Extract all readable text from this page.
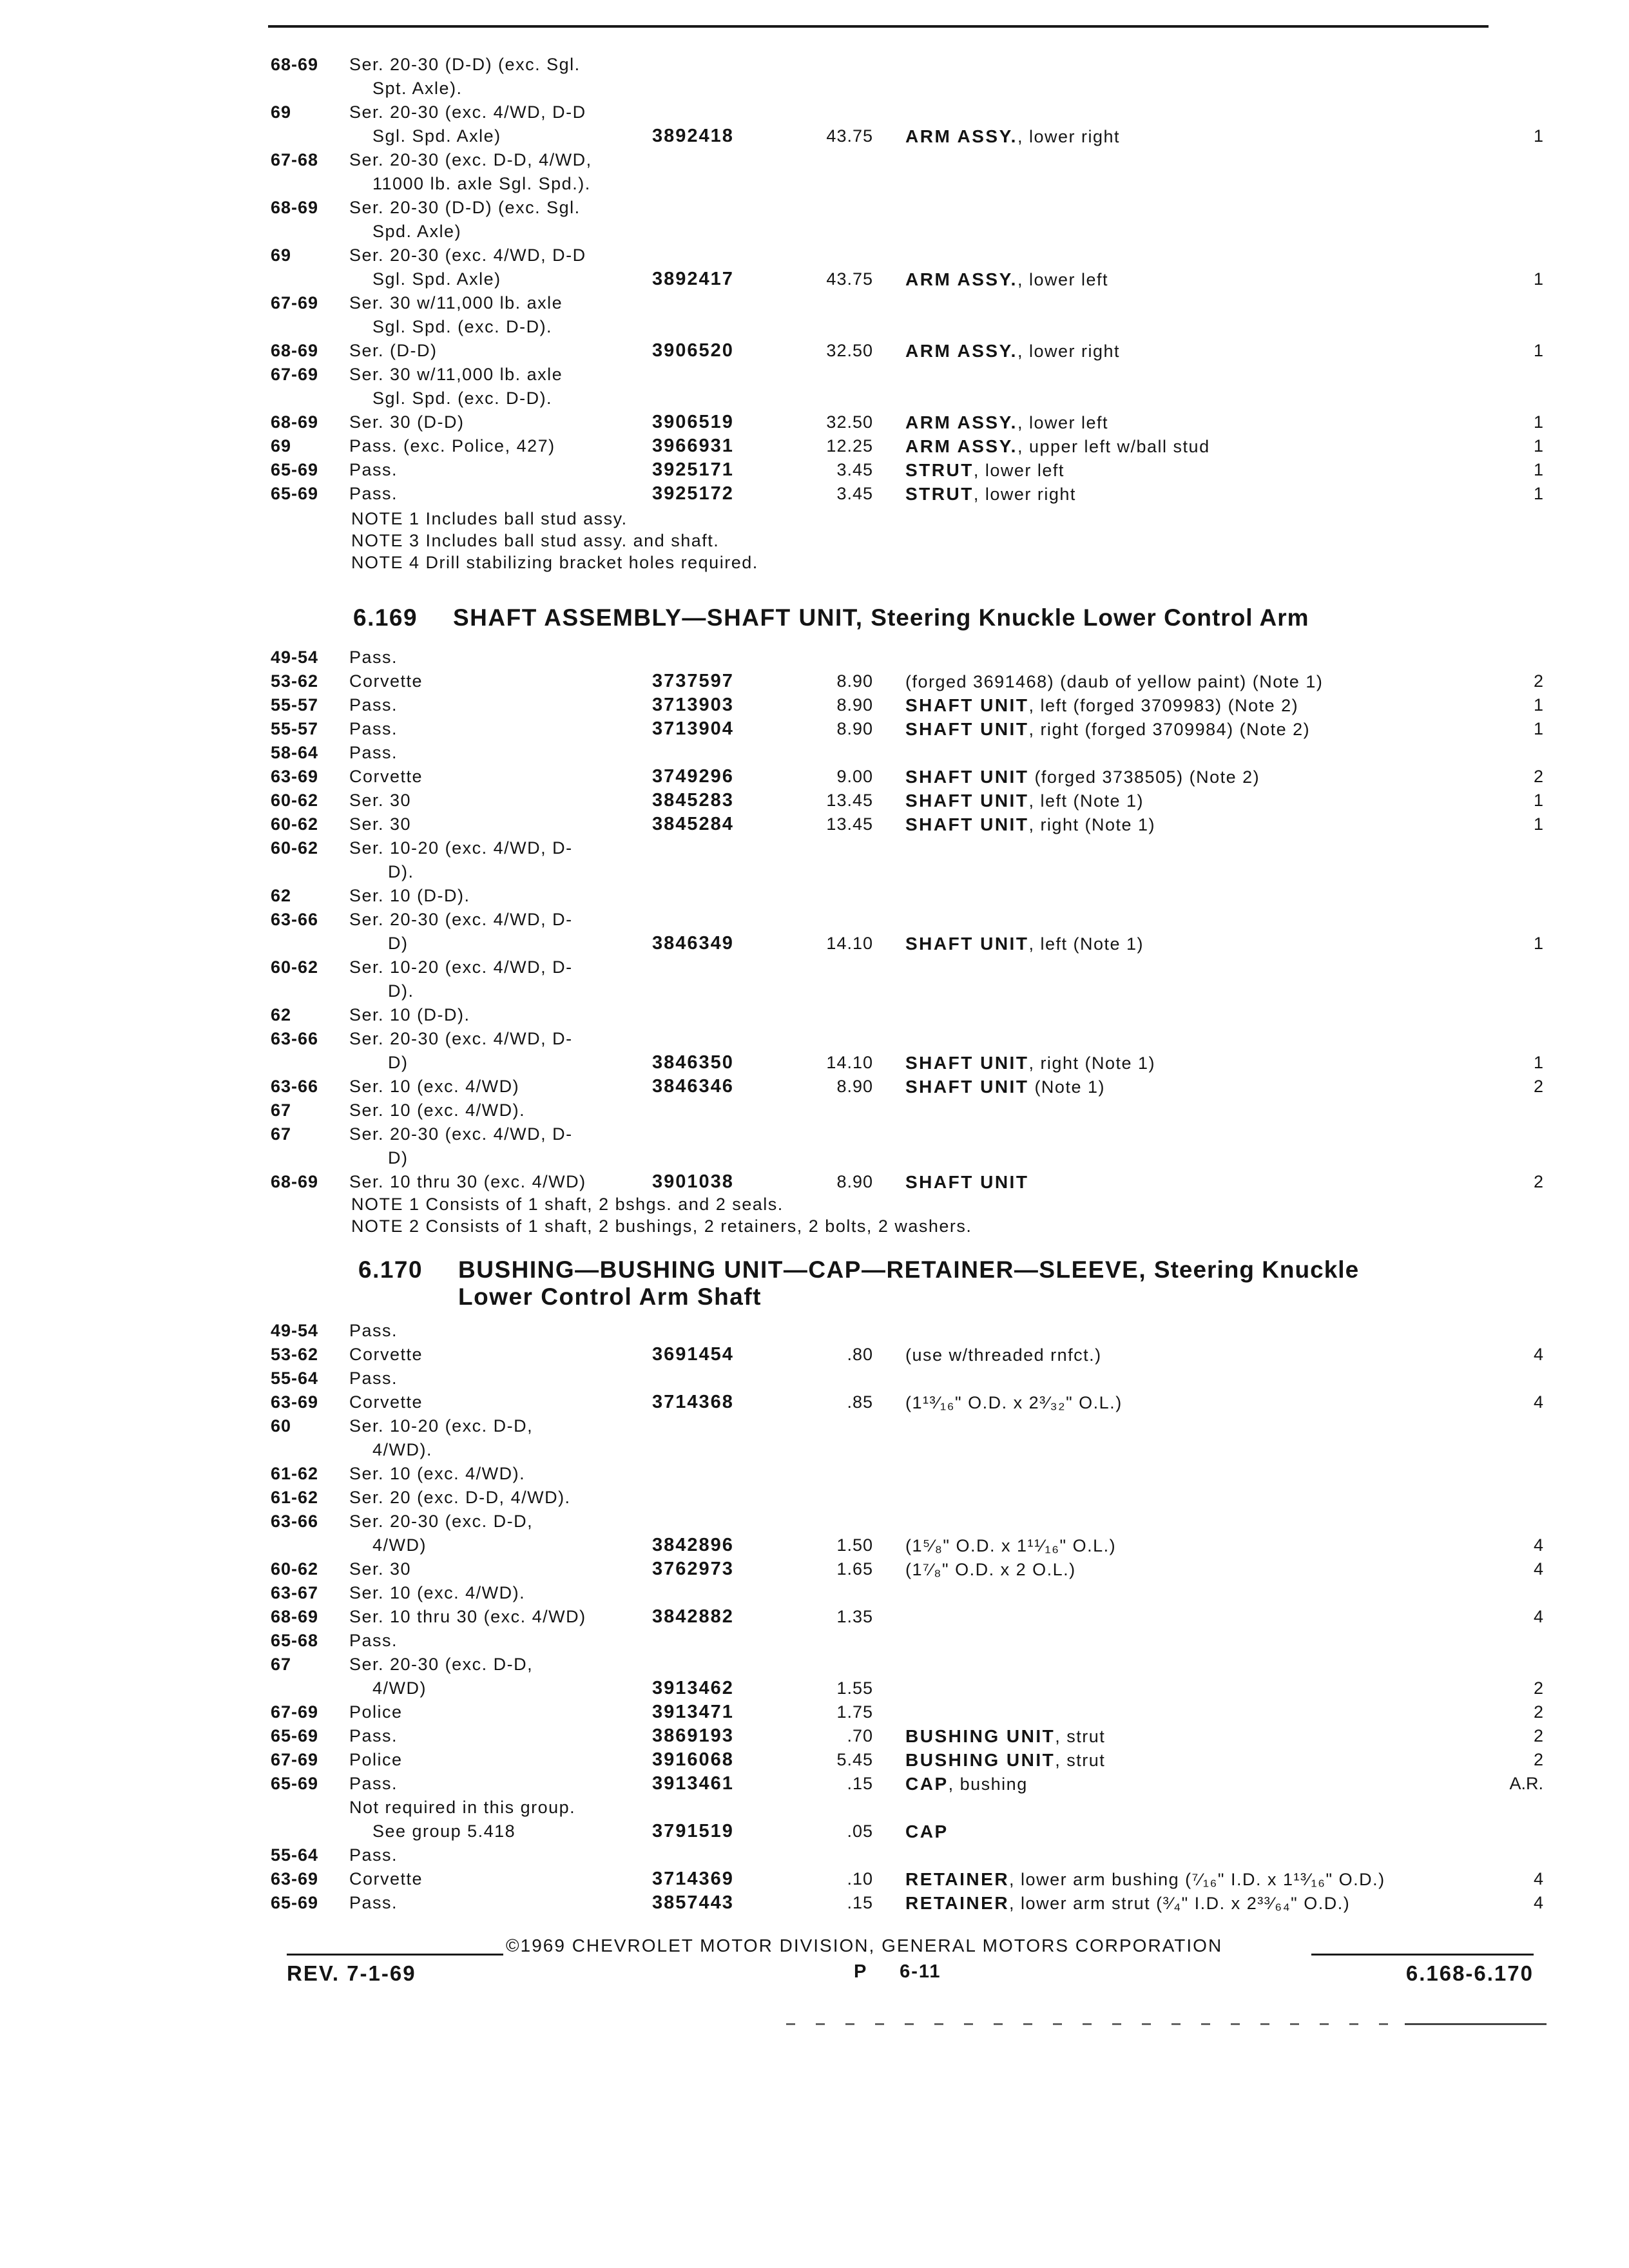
68-69 Ser. 20-30 (D-D) (exc. Sgl.
Spt. Axle).
69	Ser. 20-30 (exc. 4/WD, D-D
Sgl. Spd. Axle)	3892418	43.75 ARM ASSY., lower right	1
67-68 Ser. 20-30 (exc. D-D, 4/WD,
11000 lb. axle Sgl. Spd.).
68-69 Ser. 20-30 (D-D) (exc. Sgl.
Spd. Axle)
69	Ser. 20-30 (exc. 4/WD, D-D
Sgl. Spd. Axle)	3892417	43.75 ARM ASSY., lower left	1
67-69 Ser. 30 w/11,000 lb. axle
Sgl. Spd. (exc. D-D).
68-69 Ser. (D-D)	3906520	32.50 ARM ASSY., lower right	1
67-69 Ser. 30 w/11,000 lb. axle
Sgl. Spd. (exc. D-D).
68-69 Ser. 30 (D-D)	3906519	32.50 ARM ASSY., lower left	1
69	Pass. (exc. Police, 427)	3966931	12.25 ARM ASSY., upper left w/ball stud	1
65-69 Pass.	3925171	3.45 STRUT, lower left	1
65-69 Pass.	3925172	3.45 STRUT, lower right	1
NOTE 1 Includes ball stud assy.
NOTE 3 Includes ball stud assy. and shaft.
NOTE 4 Drill stabilizing bracket holes required.
6.169 SHAFT ASSEMBLY—SHAFT UNIT, Steering Knuckle Lower Control Arm
49-54 Pass.
53-62 Corvette	3737597	8.90 (forged 3691468) (daub of yellow paint) (Note 1)	2
55-57 Pass.	3713903	8.90 SHAFT UNIT, left (forged 3709983) (Note 2)	1
55-57 Pass.	3713904	8.90 SHAFT UNIT, right (forged 3709984) (Note 2)	1
58-64 Pass.
63-69 Corvette	3749296	9.00 SHAFT UNIT (forged 3738505) (Note 2)	2
60-62 Ser. 30	3845283	13.45 SHAFT UNIT, left (Note 1)	1
60-62 Ser. 30	3845284	13.45 SHAFT UNIT, right (Note 1)	1
60-62 Ser. 10-20 (exc. 4/WD, D-
D).
62	Ser. 10 (D-D).
63-66 Ser. 20-30 (exc. 4/WD, D-
D)	3846349	14.10 SHAFT UNIT, left (Note 1)	1
60-62 Ser. 10-20 (exc. 4/WD, D-
D).
62	Ser. 10 (D-D).
63-66 Ser. 20-30 (exc. 4/WD, D-
D)	3846350	14.10 SHAFT UNIT, right (Note 1)	1
63-66 Ser. 10 (exc. 4/WD)	3846346	8.90 SHAFT UNIT (Note 1)	2
67	Ser. 10 (exc. 4/WD).
67	Ser. 20-30 (exc. 4/WD, D-
D)
68-69 Ser. 10 thru 30 (exc. 4/WD)	3901038	8.90 SHAFT UNIT	2
NOTE 1 Consists of 1 shaft, 2 bshgs. and 2 seals.
NOTE 2 Consists of 1 shaft, 2 bushings, 2 retainers, 2 bolts, 2 washers.
6.170 BUSHING—BUSHING UNIT—CAP—RETAINER—SLEEVE, Steering Knuckle
Lower Control Arm Shaft
49-54 Pass.
53-62 Corvette	3691454	.80 (use w/threaded rnfct.)	4
55-64 Pass.
63-69 Corvette	3714368	.85 (1¹³⁄₁₆" O.D. x 2³⁄₃₂" O.L.)	4
60	Ser. 10-20 (exc. D-D,
4/WD).
61-62 Ser. 10 (exc. 4/WD).
61-62 Ser. 20 (exc. D-D, 4/WD).
63-66 Ser. 20-30 (exc. D-D,
4/WD)	3842896	1.50 (1⁵⁄₈" O.D. x 1¹¹⁄₁₆" O.L.)	4
60-62 Ser. 30	3762973	1.65 (1⁷⁄₈" O.D. x 2 O.L.)	4
63-67 Ser. 10 (exc. 4/WD).
68-69 Ser. 10 thru 30 (exc. 4/WD)	3842882	1.35	4
65-68 Pass.
67	Ser. 20-30 (exc. D-D,
4/WD)	3913462	1.55	2
67-69 Police	3913471	1.75	2
65-69 Pass.	3869193	.70 BUSHING UNIT, strut	2
67-69 Police	3916068	5.45 BUSHING UNIT, strut	2
65-69 Pass.	3913461	.15 CAP, bushing	A.R.
Not required in this group.
See group 5.418	3791519	.05 CAP
55-64 Pass.
63-69 Corvette	3714369	.10 RETAINER, lower arm bushing (⁷⁄₁₆" I.D. x 1¹³⁄₁₆" O.D.)	4
65-69 Pass.	3857443	.15 RETAINER, lower arm strut (³⁄₄" I.D. x 2³³⁄₆₄" O.D.)	4
©1969 CHEVROLET MOTOR DIVISION, GENERAL MOTORS CORPORATION
REV. 7-1-69	P     6-11	6.168-6.170
